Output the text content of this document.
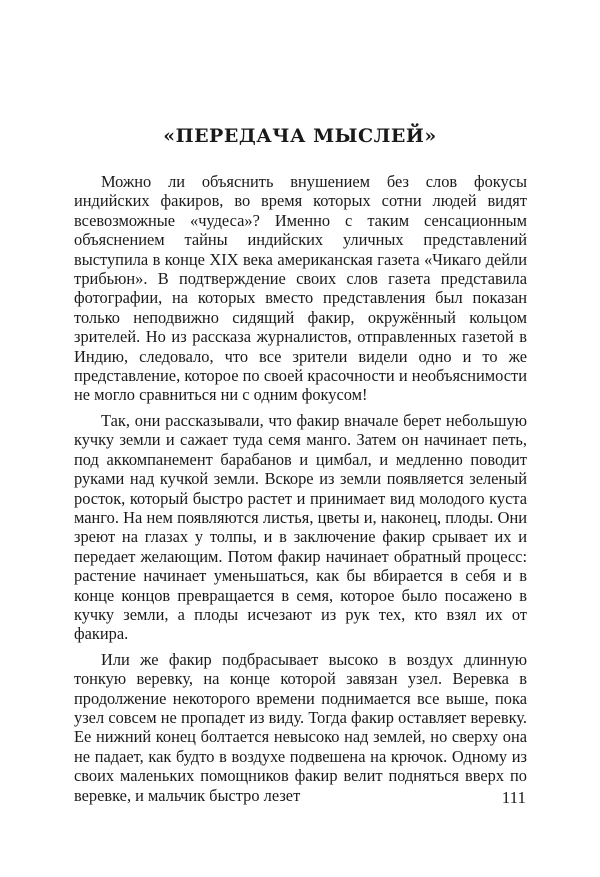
«ПЕРЕДАЧА МЫСЛЕЙ»

Можно ли объяснить внушением без слов фокусы индийских факиров, во время которых сотни людей видят всевозможные «чудеса»? Именно с таким сенсационным объяснением тайны индийских уличных представлений выступила в конце XIX века американская газета «Чикаго дейли трибьюн». В подтверждение своих слов газета представила фотографии, на которых вместо представления был показан только неподвижно сидящий факир, окружённый кольцом зрителей. Но из рассказа журналистов, отправленных газетой в Индию, следовало, что все зрители видели одно и то же представление, которое по своей красочности и необъяснимости не могло сравниться ни с одним фокусом!

Так, они рассказывали, что факир вначале берет небольшую кучку земли и сажает туда семя манго. Затем он начинает петь, под аккомпанемент барабанов и цимбал, и медленно поводит руками над кучкой земли. Вскоре из земли появляется зеленый росток, который быстро растет и принимает вид молодого куста манго. На нем появляются листья, цветы и, наконец, плоды. Они зреют на глазах у толпы, и в заключение факир срывает их и передает желающим. Потом факир начинает обратный процесс: растение начинает уменьшаться, как бы вбирается в себя и в конце концов превращается в семя, которое было посажено в кучку земли, а плоды исчезают из рук тех, кто взял их от факира.

Или же факир подбрасывает высоко в воздух длинную тонкую веревку, на конце которой завязан узел. Веревка в продолжение некоторого времени поднимается все выше, пока узел совсем не пропадет из виду. Тогда факир оставляет веревку. Ее нижний конец болтается невысоко над землей, но сверху она не падает, как будто в воздухе подвешена на крючок. Одному из своих маленьких помощников факир велит подняться вверх по веревке, и мальчик быстро лезет	111
